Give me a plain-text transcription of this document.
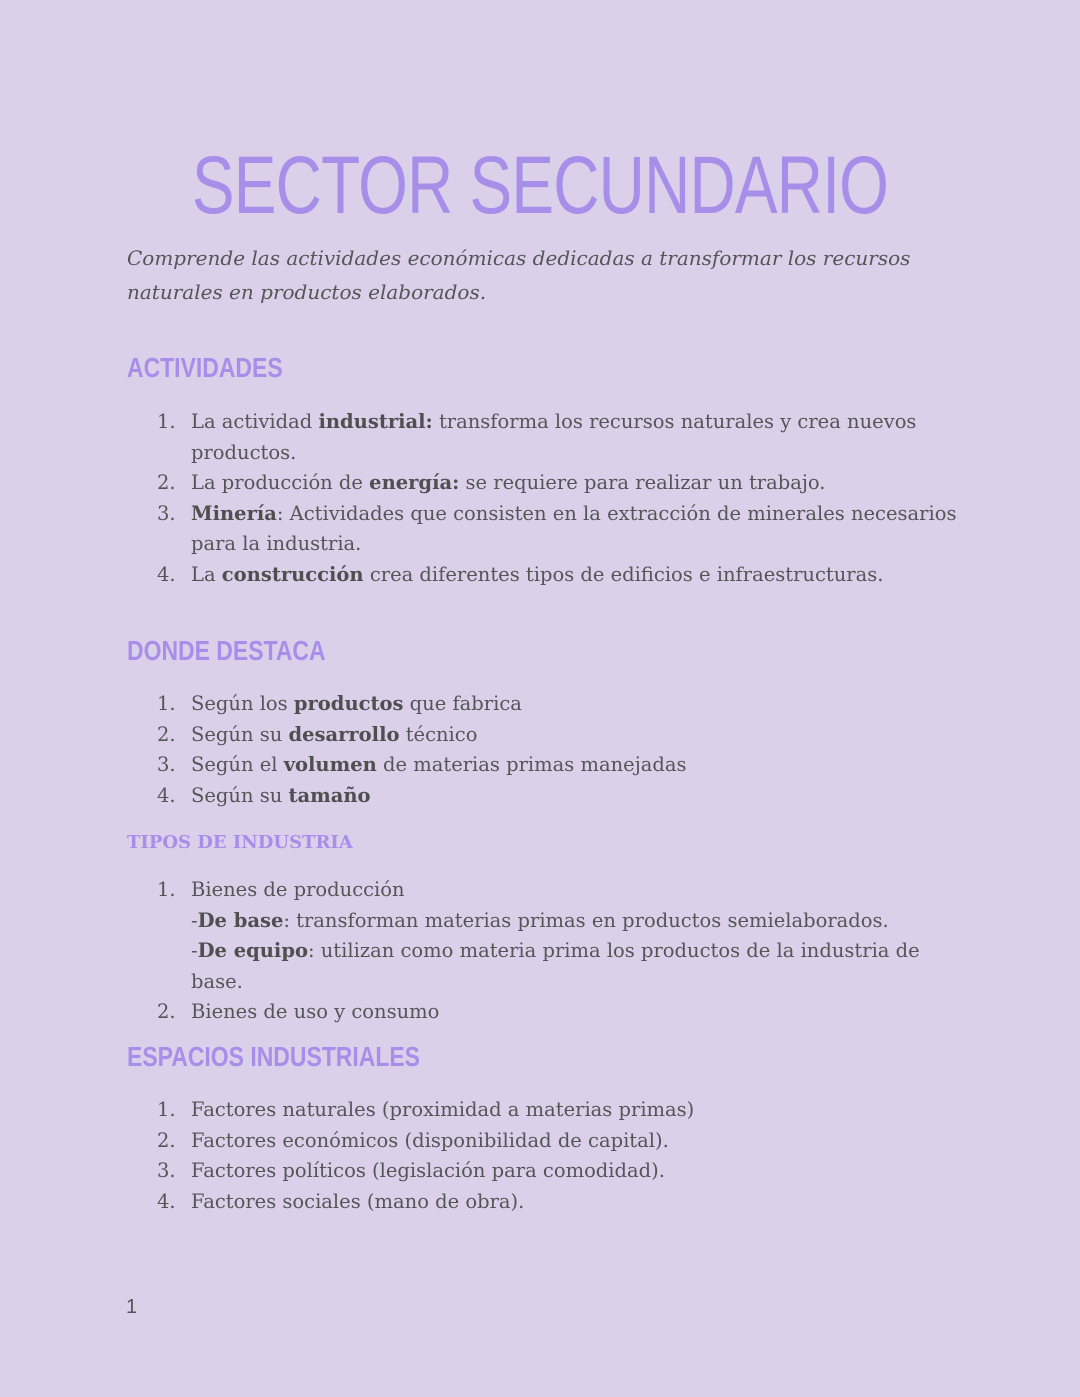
SECTOR SECUNDARIO

Comprende las actividades económicas dedicadas a transformar los recursos naturales en productos elaborados.

ACTIVIDADES
1. La actividad industrial: transforma los recursos naturales y crea nuevos productos.
2. La producción de energía: se requiere para realizar un trabajo.
3. Minería: Actividades que consisten en la extracción de minerales necesarios para la industria.
4. La construcción crea diferentes tipos de edificios e infraestructuras.
DONDE DESTACA
1. Según los productos que fabrica
2. Según su desarrollo técnico
3. Según el volumen de materias primas manejadas
4. Según su tamaño
TIPOS DE INDUSTRIA
1. Bienes de producción
-De base: transforman materias primas en productos semielaborados.
-De equipo: utilizan como materia prima los productos de la industria de base.
2. Bienes de uso y consumo
ESPACIOS INDUSTRIALES
1. Factores naturales (proximidad a materias primas)
2. Factores económicos (disponibilidad de capital).
3. Factores políticos (legislación para comodidad).
4. Factores sociales (mano de obra).
1
